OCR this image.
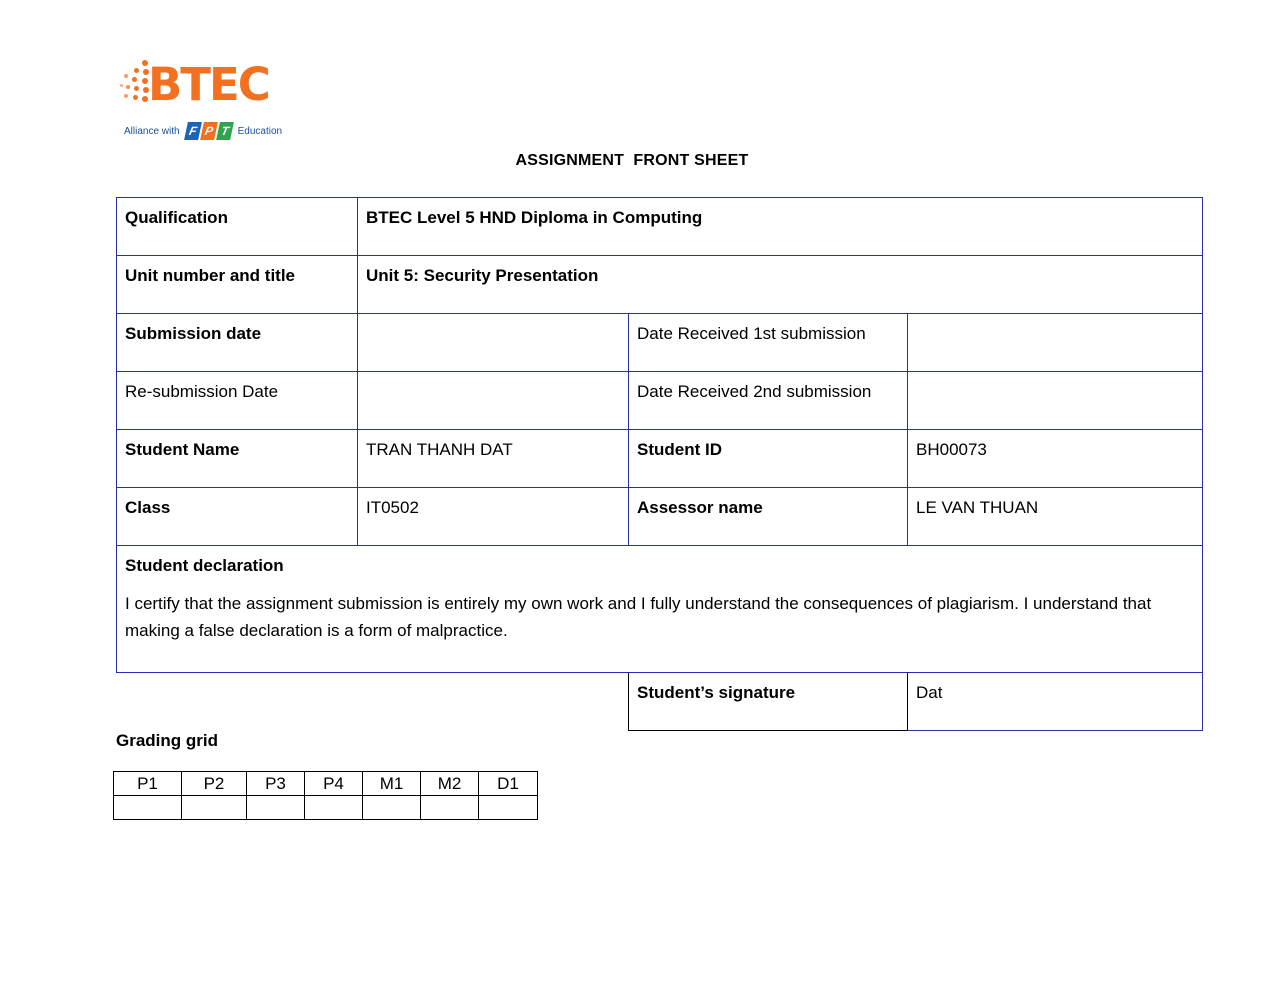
BTEC
Alliance with F P T Education
ASSIGNMENT  FRONT SHEET
Qualification	BTEC Level 5 HND Diploma in Computing		
Unit number and title	Unit 5: Security Presentation		
Submission date		Date Received 1st submission	
Re-submission Date		Date Received 2nd submission	
Student Name	TRAN THANH DAT	Student ID	BH00073
Class	IT0502	Assessor name	LE VAN THUAN

Student declaration
I certify that the assignment submission is entirely my own work and I fully understand the consequences of plagiarism. I understand that making a false declaration is a form of malpractice.			

		Student’s signature	Dat
Grading grid
P1	P2	P3	P4	M1	M2	D1
